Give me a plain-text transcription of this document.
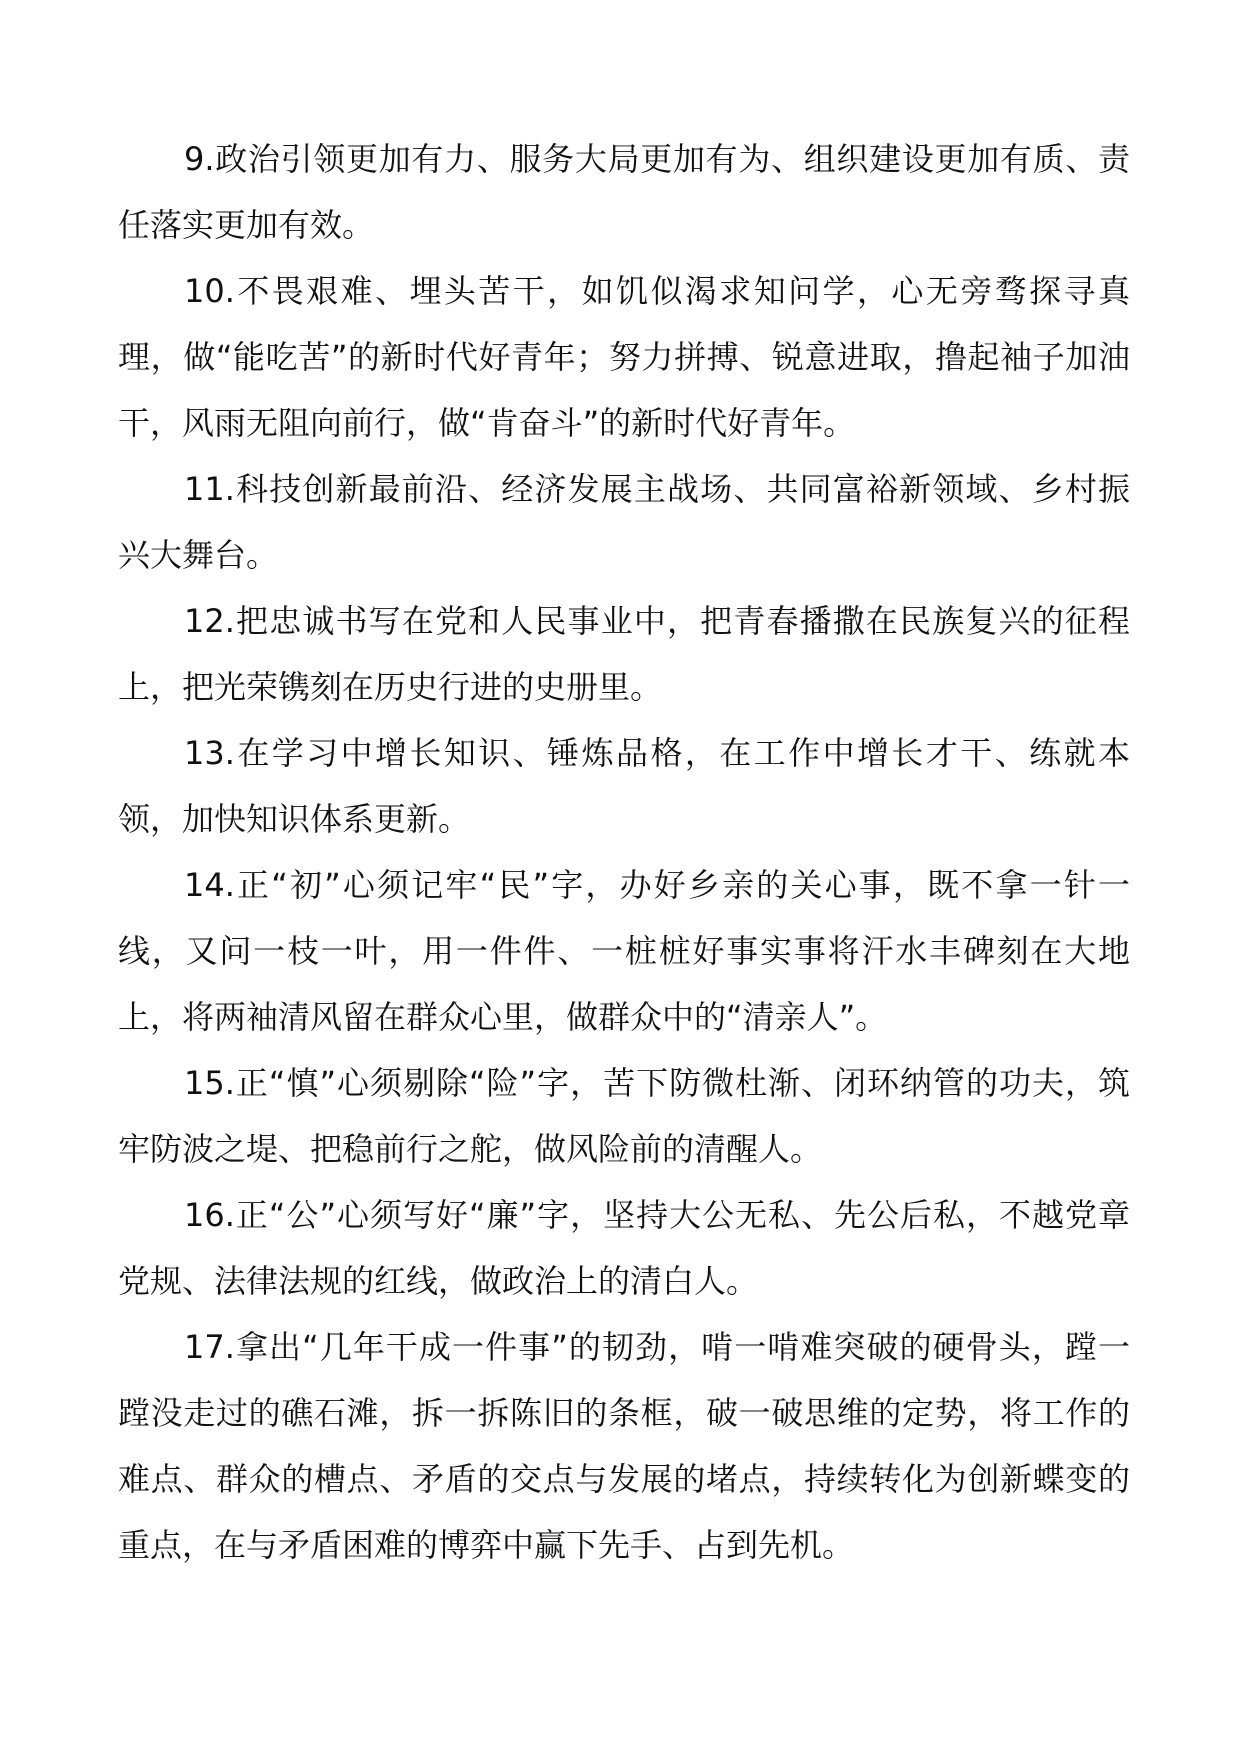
9.政治引领更加有力、服务大局更加有为、组织建设更加有质、责任落实更加有效。

10.不畏艰难、埋头苦干，如饥似渴求知问学，心无旁骛探寻真理，做“能吃苦”的新时代好青年；努力拼搏、锐意进取，撸起袖子加油干，风雨无阻向前行，做“肯奋斗”的新时代好青年。

11.科技创新最前沿、经济发展主战场、共同富裕新领域、乡村振兴大舞台。

12.把忠诚书写在党和人民事业中，把青春播撒在民族复兴的征程上，把光荣镌刻在历史行进的史册里。

13.在学习中增长知识、锤炼品格，在工作中增长才干、练就本领，加快知识体系更新。

14.正“初”心须记牢“民”字，办好乡亲的关心事，既不拿一针一线，又问一枝一叶，用一件件、一桩桩好事实事将汗水丰碑刻在大地上，将两袖清风留在群众心里，做群众中的“清亲人”。

15.正“慎”心须剔除“险”字，苦下防微杜渐、闭环纳管的功夫，筑牢防波之堤、把稳前行之舵，做风险前的清醒人。

16.正“公”心须写好“廉”字，坚持大公无私、先公后私，不越党章党规、法律法规的红线，做政治上的清白人。

17.拿出“几年干成一件事”的韧劲，啃一啃难突破的硬骨头，蹚一蹚没走过的礁石滩，拆一拆陈旧的条框，破一破思维的定势，将工作的难点、群众的槽点、矛盾的交点与发展的堵点，持续转化为创新蝶变的重点，在与矛盾困难的博弈中赢下先手、占到先机。
